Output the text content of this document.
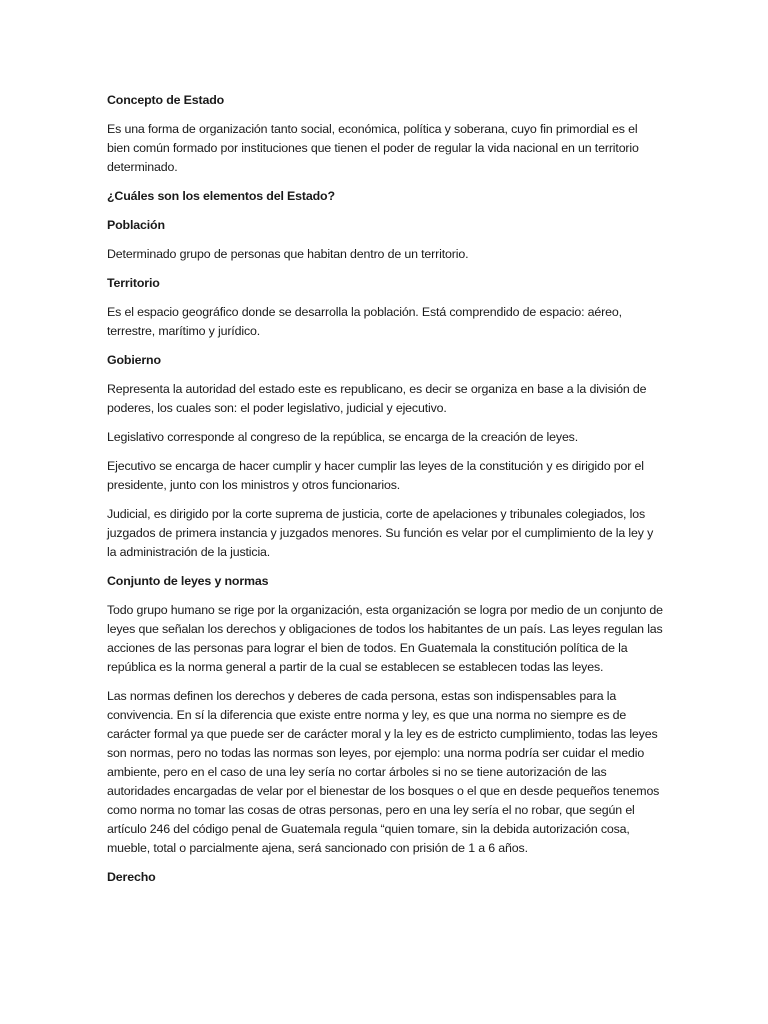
Concepto de Estado

Es una forma de organización tanto social, económica, política y soberana, cuyo fin primordial es el bien común formado por instituciones que tienen el poder de regular la vida nacional en un territorio determinado.

¿Cuáles son los elementos del Estado?
Población

Determinado grupo de personas que habitan dentro de un territorio.

Territorio

Es el espacio geográfico donde se desarrolla la población. Está comprendido de espacio: aéreo, terrestre, marítimo y jurídico.

Gobierno

Representa la autoridad del estado este es republicano, es decir se organiza en base a la división de poderes, los cuales son: el poder legislativo, judicial y ejecutivo.

Legislativo corresponde al congreso de la república, se encarga de la creación de leyes.

Ejecutivo se encarga de hacer cumplir y hacer cumplir las leyes de la constitución y es dirigido por el presidente, junto con los ministros y otros funcionarios.

Judicial, es dirigido por la corte suprema de justicia, corte de apelaciones y tribunales colegiados, los juzgados de primera instancia y juzgados menores. Su función es velar por el cumplimiento de la ley y la administración de la justicia.

Conjunto de leyes y normas

Todo grupo humano se rige por la organización, esta organización se logra por medio de un conjunto de leyes que señalan los derechos y obligaciones de todos los habitantes de un país. Las leyes regulan las acciones de las personas para lograr el bien de todos. En Guatemala la constitución política de la república es la norma general a partir de la cual se establecen se establecen todas las leyes.

Las normas definen los derechos y deberes de cada persona, estas son indispensables para la convivencia. En sí la diferencia que existe entre norma y ley, es que una norma no siempre es de carácter formal ya que puede ser de carácter moral y la ley es de estricto cumplimiento, todas las leyes son normas, pero no todas las normas son leyes, por ejemplo: una norma podría ser cuidar el medio ambiente, pero en el caso de una ley sería no cortar árboles si no se tiene autorización de las autoridades encargadas de velar por el bienestar de los bosques o el que en desde pequeños tenemos como norma no tomar las cosas de otras personas, pero en una ley sería el no robar, que según el artículo 246 del código penal de Guatemala regula “quien tomare, sin la debida autorización cosa, mueble, total o parcialmente ajena, será sancionado con prisión de 1 a 6 años.

Derecho
